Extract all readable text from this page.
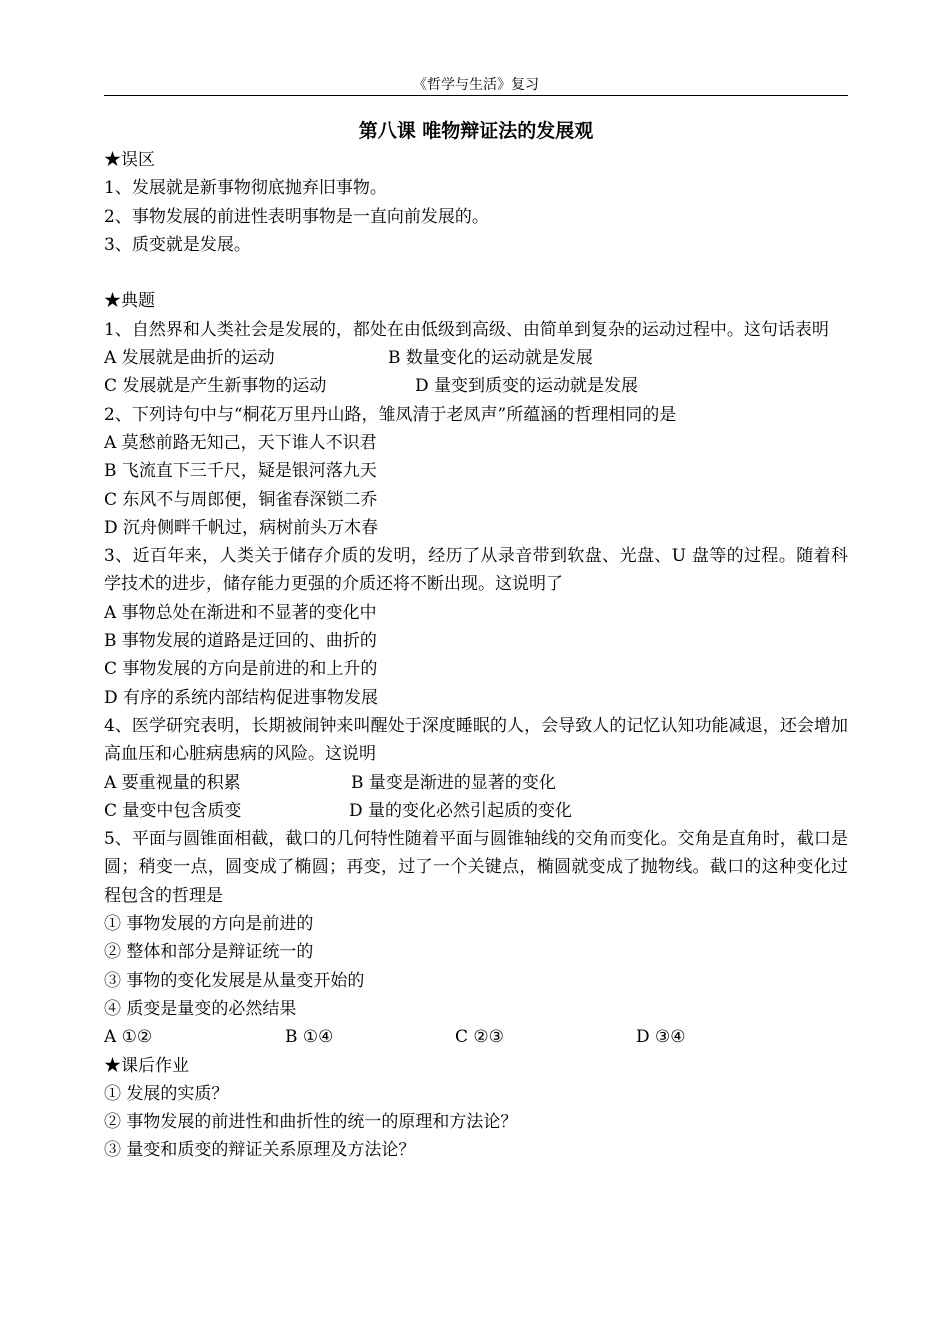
《哲学与生活》复习
第八课 唯物辩证法的发展观
★误区
1、发展就是新事物彻底抛弃旧事物。
2、事物发展的前进性表明事物是一直向前发展的。
3、质变就是发展。
★典题
1、自然界和人类社会是发展的，都处在由低级到高级、由简单到复杂的运动过程中。这句话表明
A 发展就是曲折的运动	B 数量变化的运动就是发展
C 发展就是产生新事物的运动	D 量变到质变的运动就是发展
2、下列诗句中与“桐花万里丹山路，雏凤清于老凤声”所蕴涵的哲理相同的是
A 莫愁前路无知己，天下谁人不识君
B 飞流直下三千尺，疑是银河落九天
C 东风不与周郎便，铜雀春深锁二乔
D 沉舟侧畔千帆过，病树前头万木春
3、近百年来，人类关于储存介质的发明，经历了从录音带到软盘、光盘、U 盘等的过程。随着科学技术的进步，储存能力更强的介质还将不断出现。这说明了
A 事物总处在渐进和不显著的变化中
B 事物发展的道路是迂回的、曲折的
C 事物发展的方向是前进的和上升的
D 有序的系统内部结构促进事物发展
4、医学研究表明，长期被闹钟来叫醒处于深度睡眠的人，会导致人的记忆认知功能减退，还会增加高血压和心脏病患病的风险。这说明
A 要重视量的积累	B 量变是渐进的显著的变化
C 量变中包含质变	D 量的变化必然引起质的变化
5、平面与圆锥面相截，截口的几何特性随着平面与圆锥轴线的交角而变化。交角是直角时，截口是圆；稍变一点，圆变成了椭圆；再变，过了一个关键点，椭圆就变成了抛物线。截口的这种变化过程包含的哲理是
① 事物发展的方向是前进的
② 整体和部分是辩证统一的
③ 事物的变化发展是从量变开始的
④ 质变是量变的必然结果
A ①②	B ①④	C ②③	D ③④
★课后作业
① 发展的实质？
② 事物发展的前进性和曲折性的统一的原理和方法论？
③ 量变和质变的辩证关系原理及方法论？
